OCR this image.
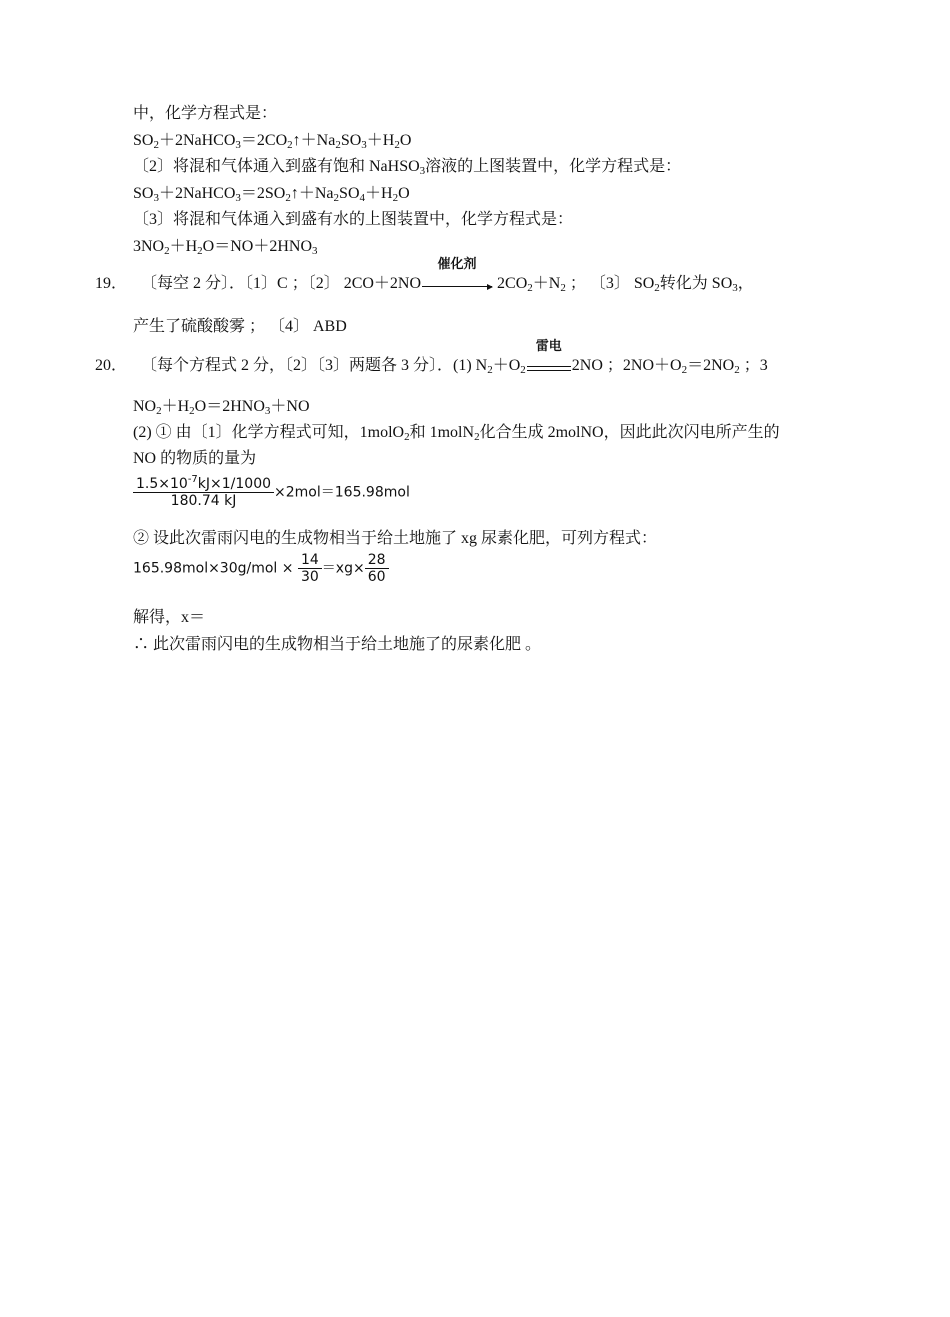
中，化学方程式是：
$SO_2+2NaHCO_3=2CO_2↑+Na_2SO_3+H_2O$
〔2〕将混和气体通入到盛有饱和 NaHSO$_3$溶液的上图装置中，化学方程式是：
$SO_3+2NaHCO_3=2SO_2↑+Na_2SO_4+H_2O$
〔3〕将混和气体通入到盛有水的上图装置中，化学方程式是：
$3NO_2+H_2O=NO+2HNO_3$
19． 〔每空 2 分〕．〔1〕C ；〔2〕 2CO＋2NO
催化剂
$2CO_2+N_2$ ； 〔3〕 $SO_2$转化为 $SO_3$，
产生了硫酸酸雾 ； 〔4〕 ABD
20． 〔每个方程式 2 分，〔2〕〔3〕两题各 3 分〕．(1) $N_2+O_2$
雷电
2NO ；$2NO+O_2=2NO_2$ ；3
$NO_2+H_2O=2HNO_3+NO$
(2) ① 由〔1〕化学方程式可知，1molO$_2$和 1molN$_2$化合生成 2molNO，因此此次闪电所产生的
NO 的物质的量为
$\frac{1.5\times 10^{-7}kJ\times 1/1000}{180.74 kJ} \times 2mol=165.98mol$
② 设此次雷雨闪电的生成物相当于给土地施了 xg 尿素化肥，可列方程式：
$165.98mol\times 30g/mol \times \frac{14}{30} =xg\times \frac{28}{60}$
解得，x＝
∴ 此次雷雨闪电的生成物相当于给土地施了的尿素化肥 。
